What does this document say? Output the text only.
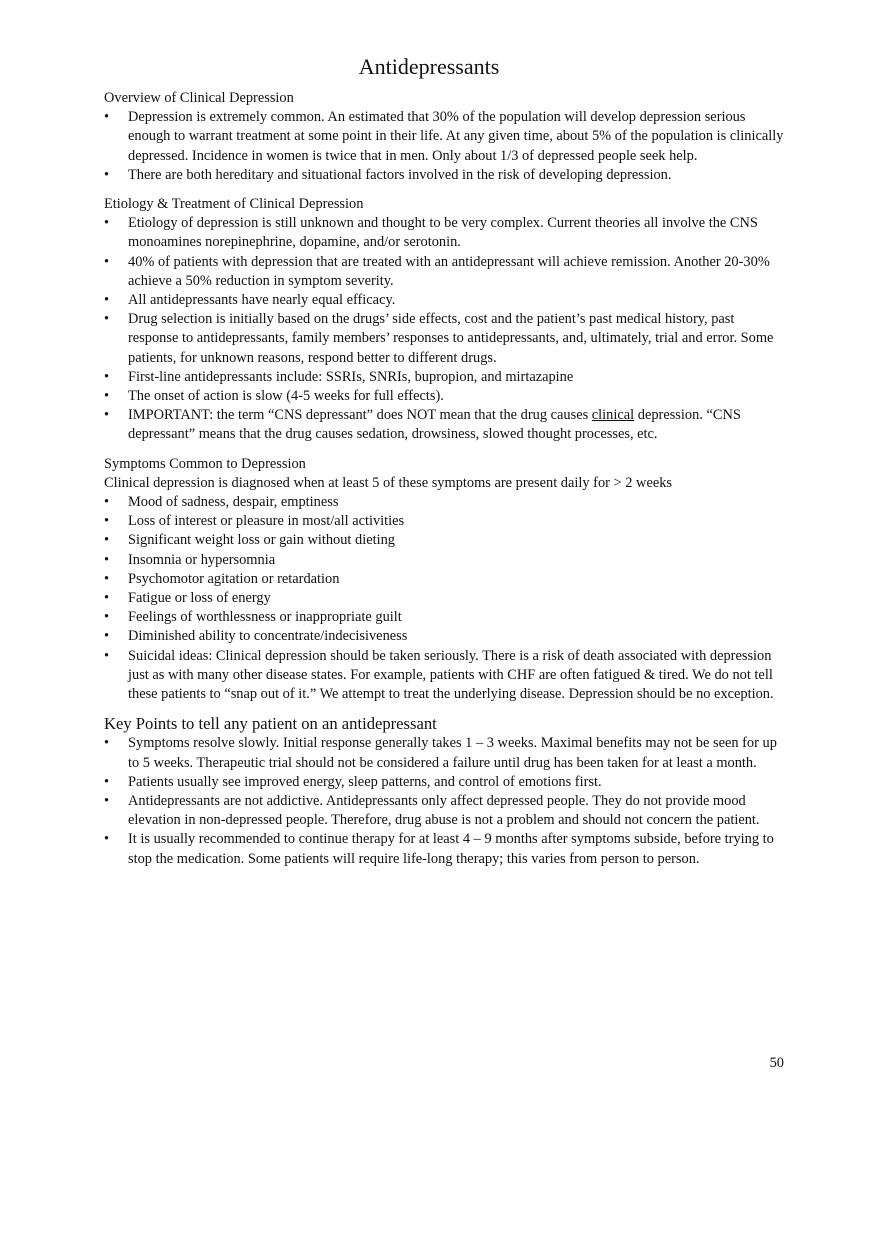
Antidepressants

Overview of Clinical Depression

• Depression is extremely common. An estimated that 30% of the population will develop depression serious enough to warrant treatment at some point in their life. At any given time, about 5% of the population is clinically depressed. Incidence in women is twice that in men. Only about 1/3 of depressed people seek help.
• There are both hereditary and situational factors involved in the risk of developing depression.

Etiology & Treatment of Clinical Depression

• Etiology of depression is still unknown and thought to be very complex. Current theories all involve the CNS monoamines norepinephrine, dopamine, and/or serotonin.
• 40% of patients with depression that are treated with an antidepressant will achieve remission. Another 20-30% achieve a 50% reduction in symptom severity.
• All antidepressants have nearly equal efficacy.
• Drug selection is initially based on the drugs’ side effects, cost and the patient’s past medical history, past response to antidepressants, family members’ responses to antidepressants, and, ultimately, trial and error. Some patients, for unknown reasons, respond better to different drugs.
• First-line antidepressants include: SSRIs, SNRIs, bupropion, and mirtazapine
• The onset of action is slow (4-5 weeks for full effects).
• IMPORTANT: the term “CNS depressant” does NOT mean that the drug causes clinical depression. “CNS depressant” means that the drug causes sedation, drowsiness, slowed thought processes, etc.

Symptoms Common to Depression

Clinical depression is diagnosed when at least 5 of these symptoms are present daily for > 2 weeks

• Mood of sadness, despair, emptiness
• Loss of interest or pleasure in most/all activities
• Significant weight loss or gain without dieting
• Insomnia or hypersomnia
• Psychomotor agitation or retardation
• Fatigue or loss of energy
• Feelings of worthlessness or inappropriate guilt
• Diminished ability to concentrate/indecisiveness
• Suicidal ideas: Clinical depression should be taken seriously. There is a risk of death associated with depression just as with many other disease states. For example, patients with CHF are often fatigued & tired. We do not tell these patients to “snap out of it.” We attempt to treat the underlying disease. Depression should be no exception.

Key Points to tell any patient on an antidepressant

• Symptoms resolve slowly. Initial response generally takes 1 – 3 weeks. Maximal benefits may not be seen for up to 5 weeks. Therapeutic trial should not be considered a failure until drug has been taken for at least a month.
• Patients usually see improved energy, sleep patterns, and control of emotions first.
• Antidepressants are not addictive. Antidepressants only affect depressed people. They do not provide mood elevation in non-depressed people. Therefore, drug abuse is not a problem and should not concern the patient.
• It is usually recommended to continue therapy for at least 4 – 9 months after symptoms subside, before trying to stop the medication. Some patients will require life-long therapy; this varies from person to person.
50
